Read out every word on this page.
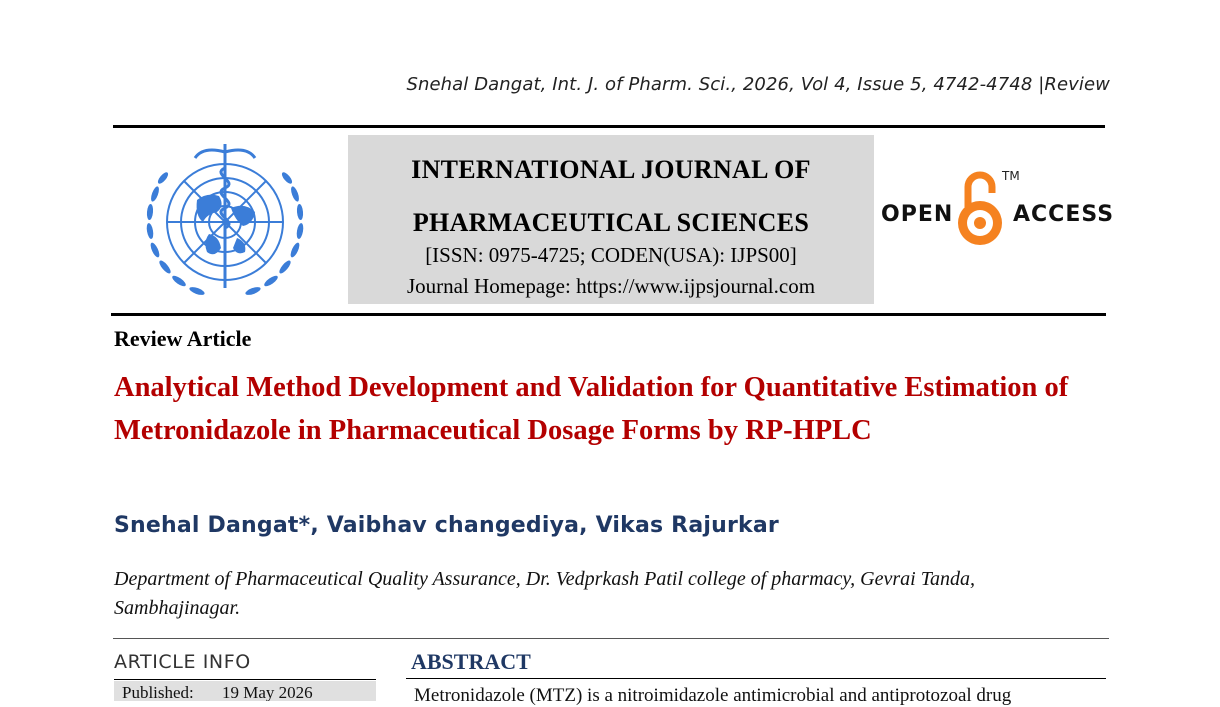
Snehal Dangat, Int. J. of Pharm. Sci., 2026, Vol 4, Issue 5, 4742-4748 |Review
INTERNATIONAL JOURNAL OF
PHARMACEUTICAL SCIENCES
[ISSN: 0975-4725; CODEN(USA): IJPS00]
Journal Homepage: https://www.ijpsjournal.com
OPEN
TM
ACCESS
Review Article
Analytical Method Development and Validation for Quantitative Estimation of Metronidazole in Pharmaceutical Dosage Forms by RP-HPLC
Snehal Dangat*, Vaibhav changediya, Vikas Rajurkar
Department of Pharmaceutical Quality Assurance, Dr. Vedprkash Patil college of pharmacy, Gevrai Tanda, Sambhajinagar.
ARTICLE INFO
Published: 19 May 2026
ABSTRACT
Metronidazole (MTZ) is a nitroimidazole antimicrobial and antiprotozoal drug
